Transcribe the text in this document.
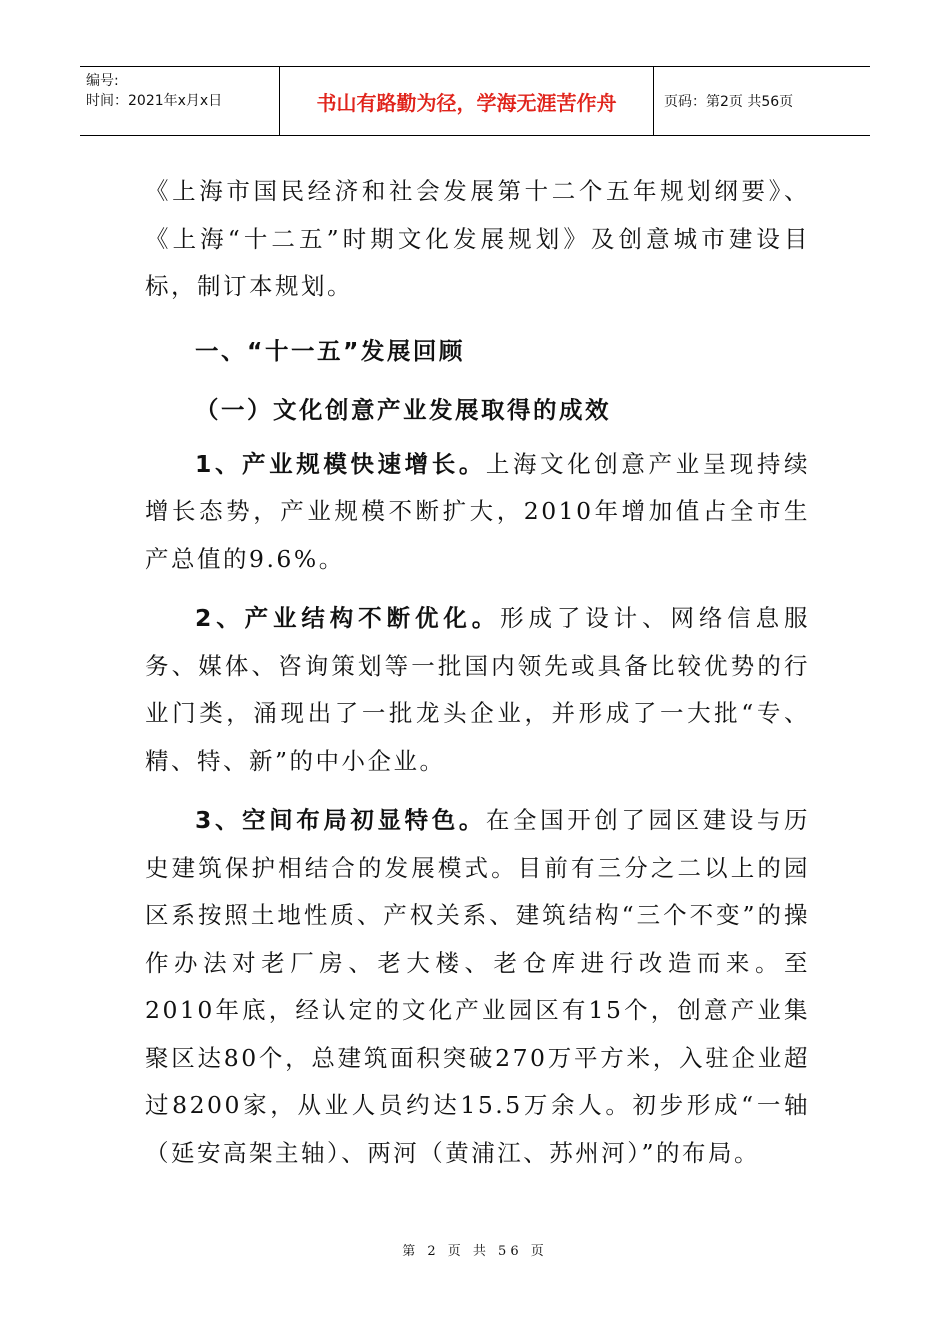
编号:
时间：2021年x月x日	书山有路勤为径，学海无涯苦作舟	页码：第2页 共56页

《上海市国民经济和社会发展第十二个五年规划纲要》、《上海“十二五”时期文化发展规划》及创意城市建设目标，制订本规划。

一、“十一五”发展回顾

（一）文化创意产业发展取得的成效

1、产业规模快速增长。上海文化创意产业呈现持续增长态势，产业规模不断扩大，2010年增加值占全市生产总值的9.6%。

2、产业结构不断优化。形成了设计、网络信息服务、媒体、咨询策划等一批国内领先或具备比较优势的行业门类，涌现出了一批龙头企业，并形成了一大批“专、精、特、新”的中小企业。

3、空间布局初显特色。在全国开创了园区建设与历史建筑保护相结合的发展模式。目前有三分之二以上的园区系按照土地性质、产权关系、建筑结构“三个不变”的操作办法对老厂房、老大楼、老仓库进行改造而来。至2010年底，经认定的文化产业园区有15个，创意产业集聚区达80个，总建筑面积突破270万平方米，入驻企业超过8200家，从业人员约达15.5万余人。初步形成“一轴（延安高架主轴）、两河（黄浦江、苏州河）”的布局。

第 2 页 共 56 页
